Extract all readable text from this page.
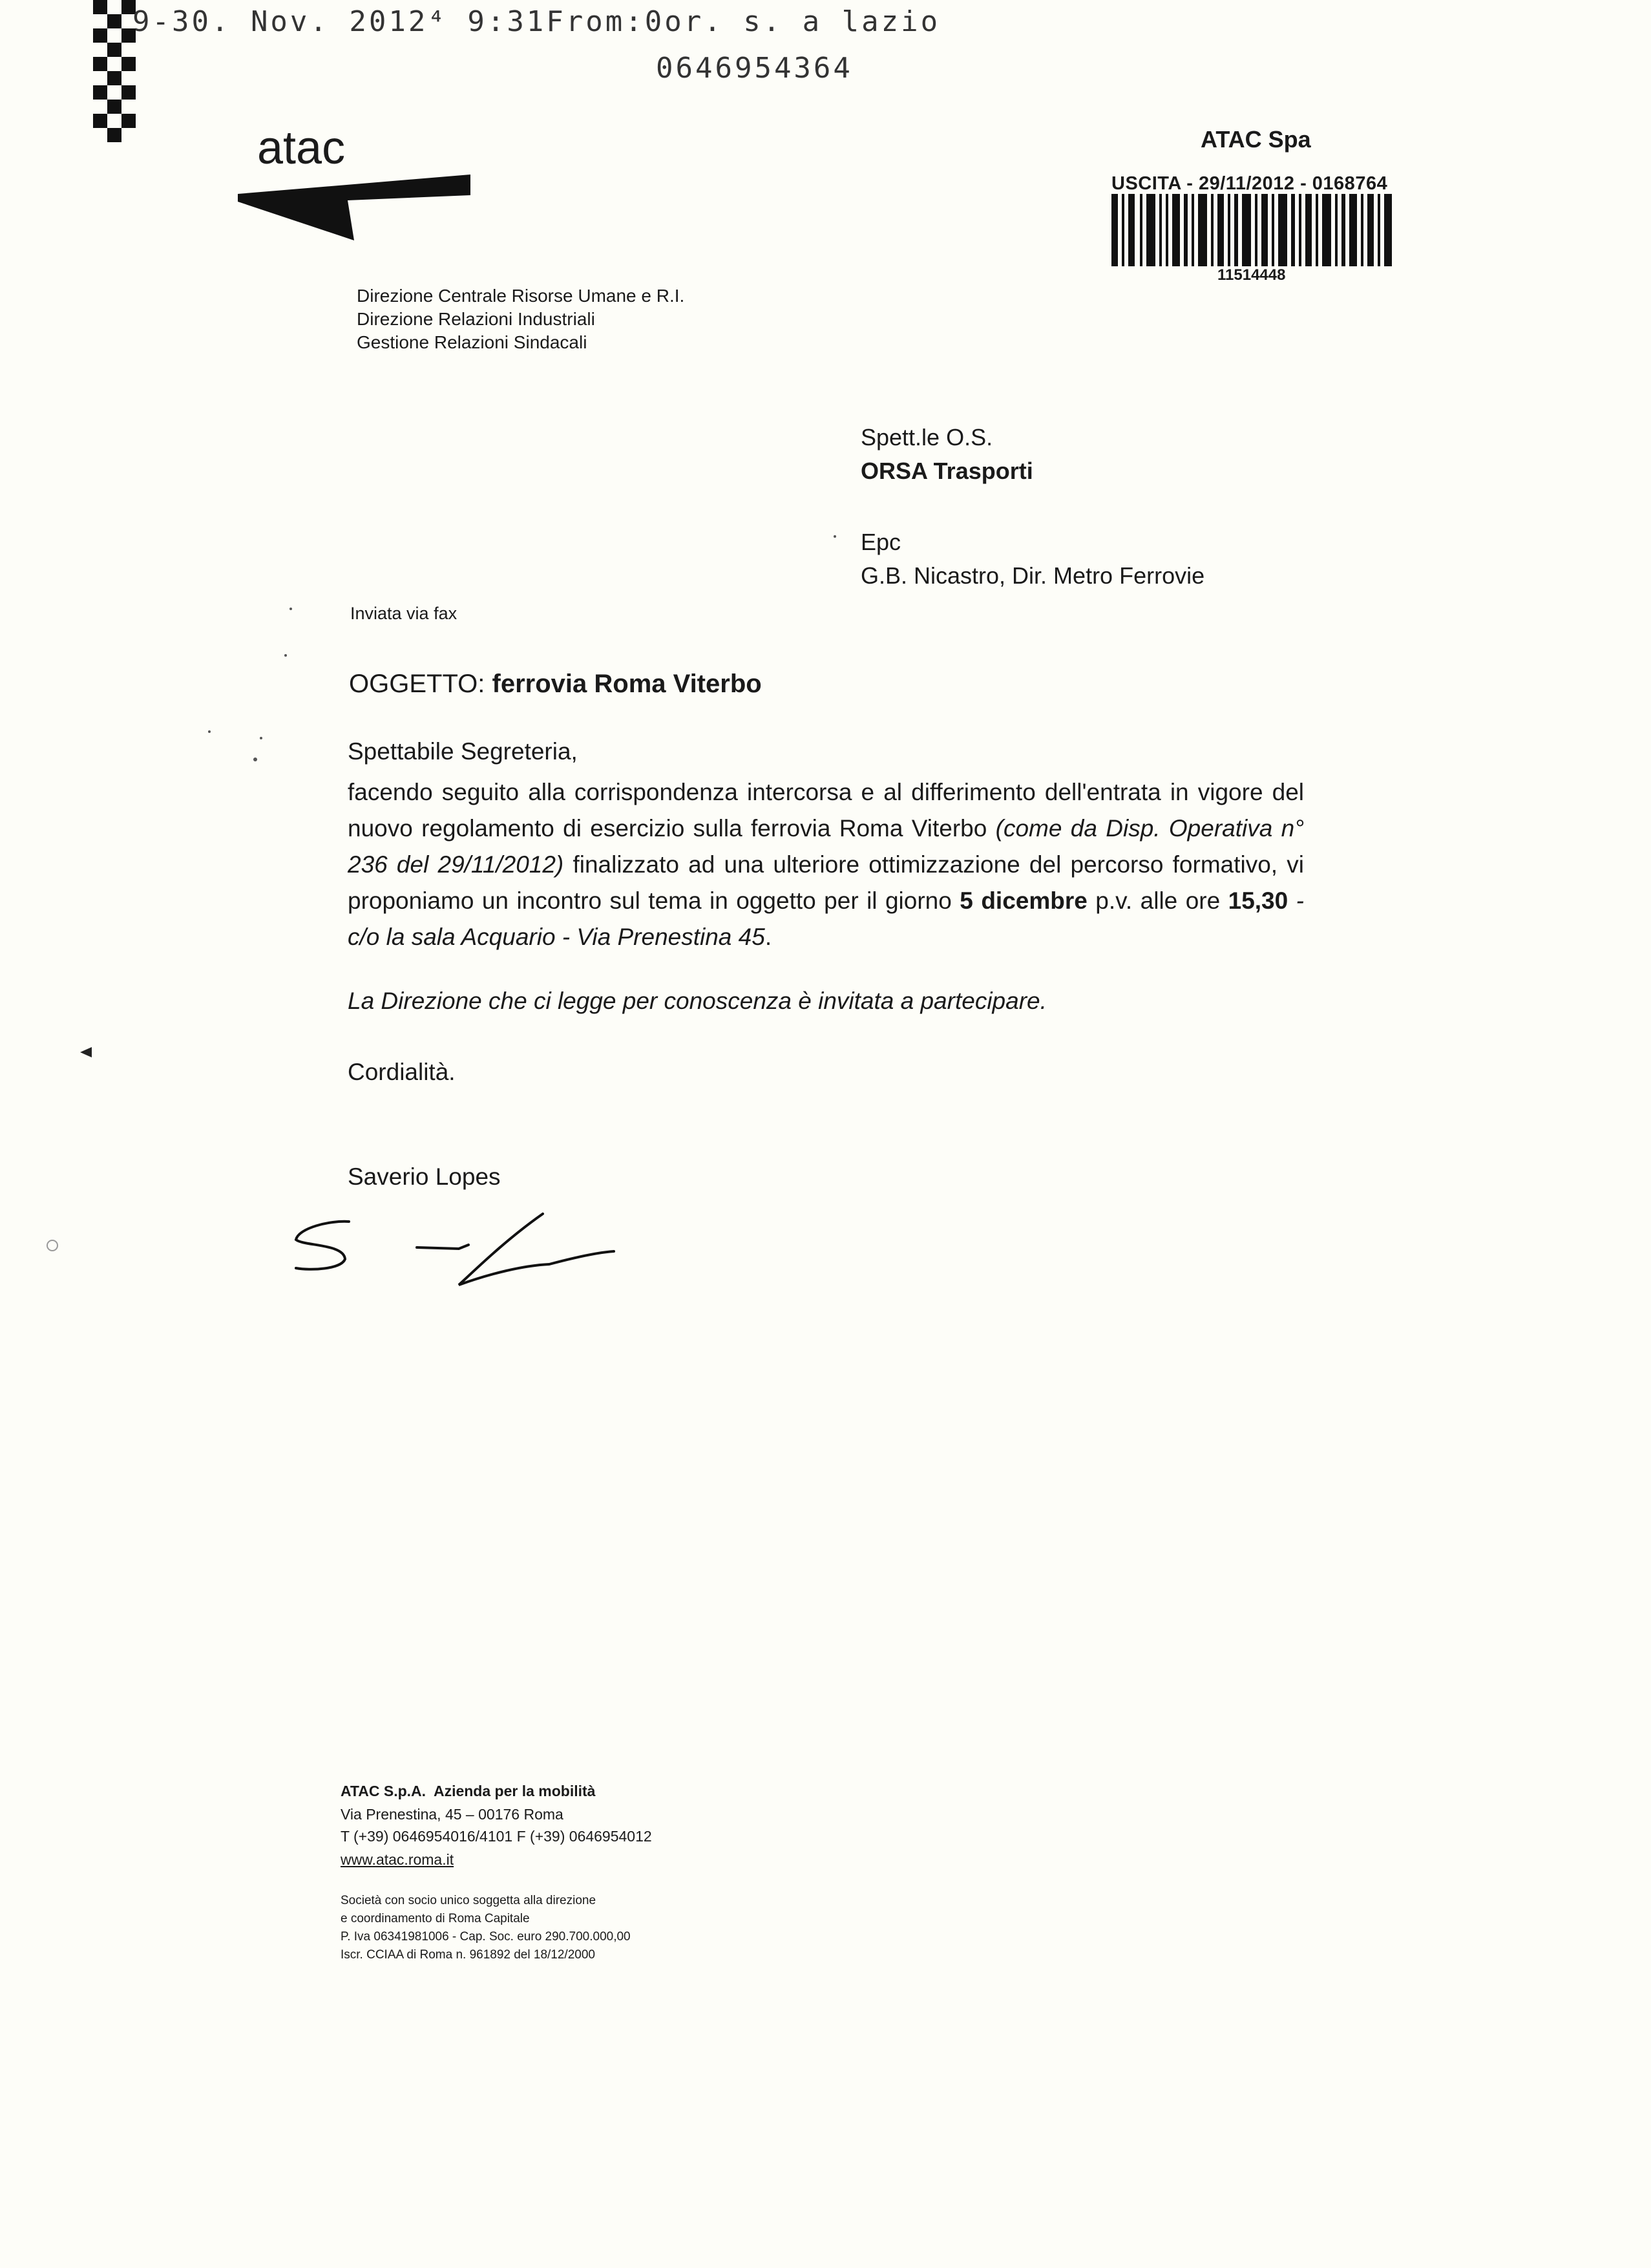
9-30. Nov. 2012⁴ 9:31From:0or. s. a lazio
0646954364
atac	ATAC Spa
USCITA - 29/11/2012 - 0168764
11514448
Direzione Centrale Risorse Umane e R.I.
Direzione Relazioni Industriali
Gestione Relazioni Sindacali
Spett.le O.S.
ORSA Trasporti
Epc
G.B. Nicastro, Dir. Metro Ferrovie
Inviata via fax
OGGETTO: ferrovia Roma Viterbo
Spettabile Segreteria,

facendo seguito alla corrispondenza intercorsa e al differimento dell'entrata in vigore del nuovo regolamento di esercizio sulla ferrovia Roma Viterbo (come da Disp. Operativa n° 236 del 29/11/2012) finalizzato ad una ulteriore ottimizzazione del percorso formativo, vi proponiamo un incontro sul tema in oggetto per il giorno 5 dicembre p.v. alle ore 15,30 - c/o la sala Acquario - Via Prenestina 45.

La Direzione che ci legge per conoscenza è invitata a partecipare.
Cordialità.
Saverio Lopes
ATAC S.p.A. Azienda per la mobilità
Via Prenestina, 45 – 00176 Roma
T (+39) 0646954016/4101 F (+39) 0646954012
www.atac.roma.it
Società con socio unico soggetta alla direzione
e coordinamento di Roma Capitale
P. Iva 06341981006 - Cap. Soc. euro 290.700.000,00
Iscr. CCIAA di Roma n. 961892 del 18/12/2000
